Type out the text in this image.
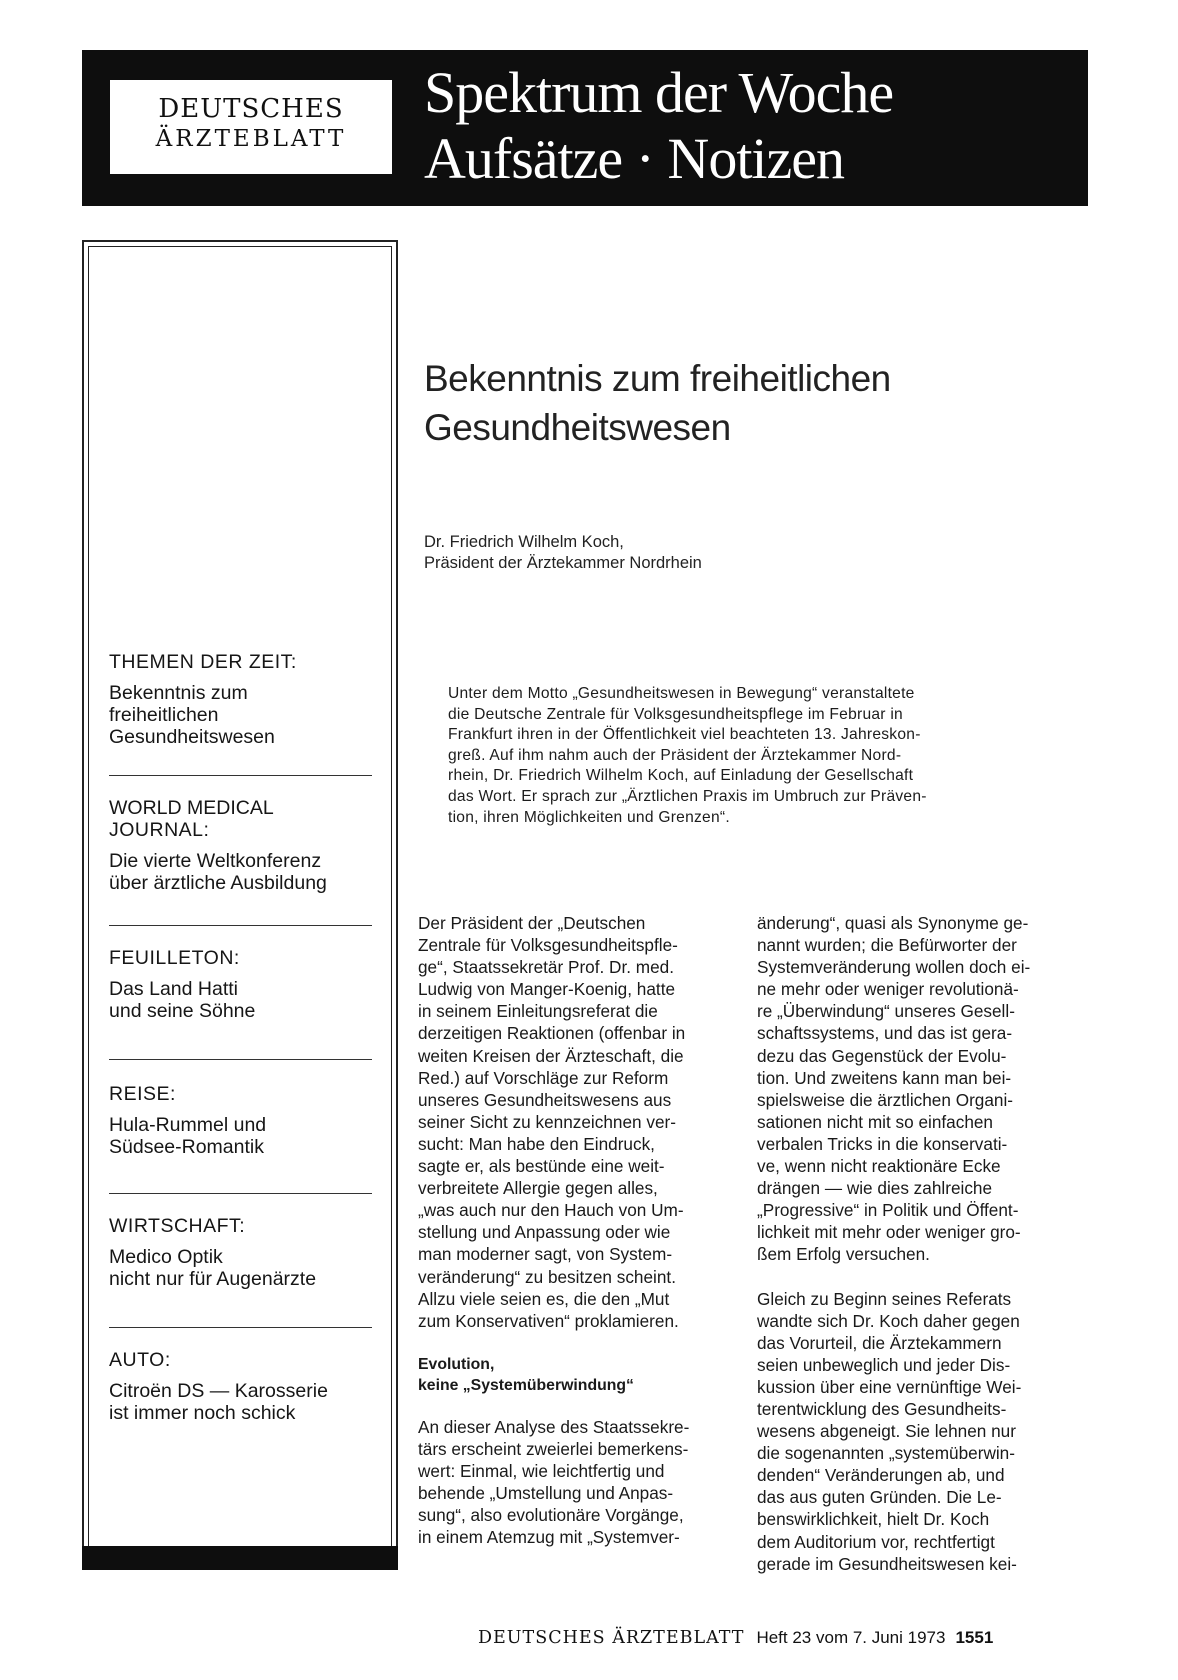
DEUTSCHES
ÄRZTEBLATT
Spektrum der Woche
Aufsätze · Notizen
THEMEN DER ZEIT:
Bekenntnis zum
freiheitlichen
Gesundheitswesen
WORLD MEDICAL
JOURNAL:
Die vierte Weltkonferenz
über ärztliche Ausbildung
FEUILLETON:
Das Land Hatti
und seine Söhne
REISE:
Hula-Rummel und
Südsee-Romantik
WIRTSCHAFT:
Medico Optik
nicht nur für Augenärzte
AUTO:
Citroën DS — Karosserie
ist immer noch schick
Bekenntnis zum freiheitlichen
Gesundheitswesen
Dr. Friedrich Wilhelm Koch,
Präsident der Ärztekammer Nordrhein
Unter dem Motto „Gesundheitswesen in Bewegung“ veranstaltete
die Deutsche Zentrale für Volksgesundheitspflege im Februar in
Frankfurt ihren in der Öffentlichkeit viel beachteten 13. Jahreskon-
greß. Auf ihm nahm auch der Präsident der Ärztekammer Nord-
rhein, Dr. Friedrich Wilhelm Koch, auf Einladung der Gesellschaft
das Wort. Er sprach zur „Ärztlichen Praxis im Umbruch zur Präven-
tion, ihren Möglichkeiten und Grenzen“.
Der Präsident der „Deutschen
Zentrale für Volksgesundheitspfle-
ge“, Staatssekretär Prof. Dr. med.
Ludwig von Manger-Koenig, hatte
in seinem Einleitungsreferat die
derzeitigen Reaktionen (offenbar in
weiten Kreisen der Ärzteschaft, die
Red.) auf Vorschläge zur Reform
unseres Gesundheitswesens aus
seiner Sicht zu kennzeichnen ver-
sucht: Man habe den Eindruck,
sagte er, als bestünde eine weit-
verbreitete Allergie gegen alles,
„was auch nur den Hauch von Um-
stellung und Anpassung oder wie
man moderner sagt, von System-
veränderung“ zu besitzen scheint.
Allzu viele seien es, die den „Mut
zum Konservativen“ proklamieren.
Evolution,
keine „Systemüberwindung“
An dieser Analyse des Staatssekre-
tärs erscheint zweierlei bemerkens-
wert: Einmal, wie leichtfertig und
behende „Umstellung und Anpas-
sung“, also evolutionäre Vorgänge,
in einem Atemzug mit „Systemver-
änderung“, quasi als Synonyme ge-
nannt wurden; die Befürworter der
Systemveränderung wollen doch ei-
ne mehr oder weniger revolutionä-
re „Überwindung“ unseres Gesell-
schaftssystems, und das ist gera-
dezu das Gegenstück der Evolu-
tion. Und zweitens kann man bei-
spielsweise die ärztlichen Organi-
sationen nicht mit so einfachen
verbalen Tricks in die konservati-
ve, wenn nicht reaktionäre Ecke
drängen — wie dies zahlreiche
„Progressive“ in Politik und Öffent-
lichkeit mit mehr oder weniger gro-
ßem Erfolg versuchen.
Gleich zu Beginn seines Referats
wandte sich Dr. Koch daher gegen
das Vorurteil, die Ärztekammern
seien unbeweglich und jeder Dis-
kussion über eine vernünftige Wei-
terentwicklung des Gesundheits-
wesens abgeneigt. Sie lehnen nur
die sogenannten „systemüberwin-
denden“ Veränderungen ab, und
das aus guten Gründen. Die Le-
benswirklichkeit, hielt Dr. Koch
dem Auditorium vor, rechtfertigt
gerade im Gesundheitswesen kei-
DEUTSCHES ÄRZTEBLATT Heft 23 vom 7. Juni 1973 1551
